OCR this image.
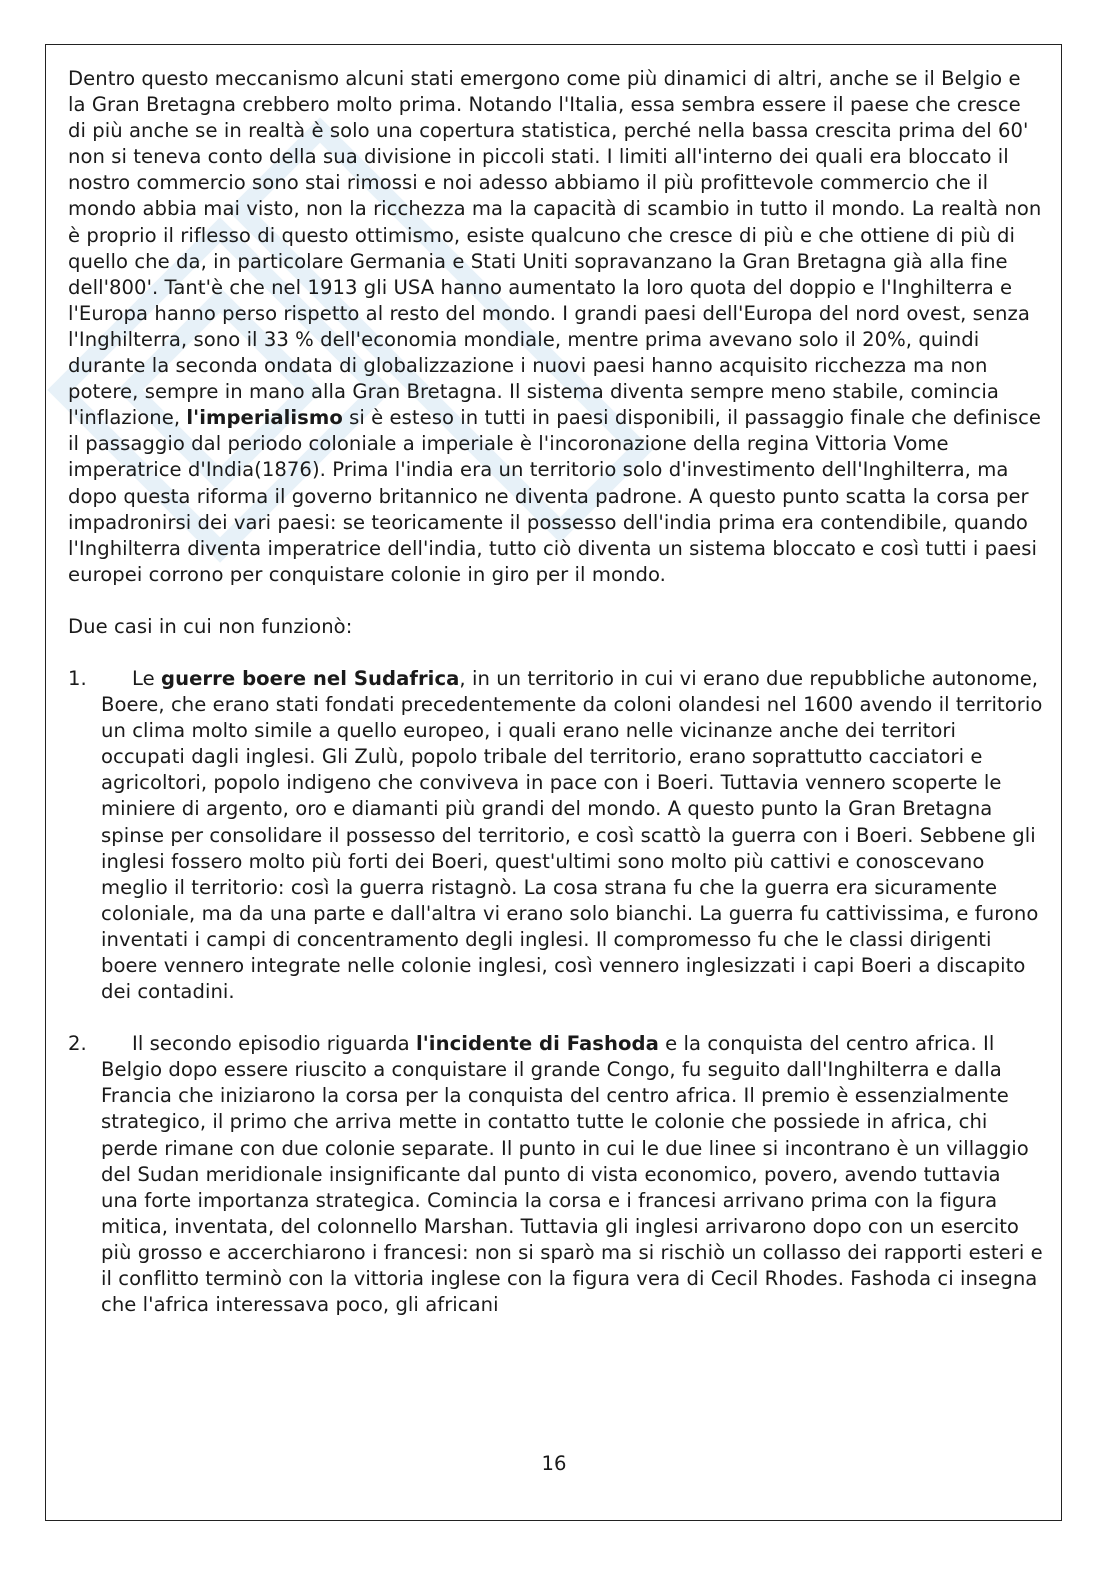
Dentro questo meccanismo alcuni stati emergono come più dinamici di altri, anche se il Belgio e la Gran Bretagna crebbero molto prima. Notando l'Italia, essa sembra essere il paese che cresce di più anche se in realtà è solo una copertura statistica, perché nella bassa crescita prima del 60' non si teneva conto della sua divisione in piccoli stati. I limiti all'interno dei quali era bloccato il nostro commercio sono stai rimossi e noi adesso abbiamo il più profittevole commercio che il mondo abbia mai visto, non la ricchezza ma la capacità di scambio in tutto il mondo. La realtà non è proprio il riflesso di questo ottimismo, esiste qualcuno che cresce di più e che ottiene di più di quello che da, in particolare Germania e Stati Uniti sopravanzano la Gran Bretagna già alla fine dell'800'. Tant'è che nel 1913 gli USA hanno aumentato la loro quota del doppio e l'Inghilterra e l'Europa hanno perso rispetto al resto del mondo. I grandi paesi dell'Europa del nord ovest, senza l'Inghilterra, sono il 33 % dell'economia mondiale, mentre prima avevano solo il 20%, quindi durante la seconda ondata di globalizzazione i nuovi paesi hanno acquisito ricchezza ma non potere, sempre in mano alla Gran Bretagna. Il sistema diventa sempre meno stabile, comincia l'inflazione, l'imperialismo si è esteso in tutti in paesi disponibili, il passaggio finale che definisce il passaggio dal periodo coloniale a imperiale è l'incoronazione della regina Vittoria Vome imperatrice d'India(1876). Prima l'india era un territorio solo d'investimento dell'Inghilterra, ma dopo questa riforma il governo britannico ne diventa padrone. A questo punto scatta la corsa per impadronirsi dei vari paesi: se teoricamente il possesso dell'india prima era contendibile, quando l'Inghilterra diventa imperatrice dell'india, tutto ciò diventa un sistema bloccato e così tutti i paesi europei corrono per conquistare colonie in giro per il mondo.

Due casi in cui non funzionò:

1.	Le guerre boere nel Sudafrica, in un territorio in cui vi erano due repubbliche autonome, Boere, che erano stati fondati precedentemente da coloni olandesi nel 1600 avendo il territorio un clima molto simile a quello europeo, i quali erano nelle vicinanze anche dei territori occupati dagli inglesi. Gli Zulù, popolo tribale del territorio, erano soprattutto cacciatori e agricoltori, popolo indigeno che conviveva in pace con i Boeri. Tuttavia vennero scoperte le miniere di argento, oro e diamanti più grandi del mondo. A questo punto la Gran Bretagna spinse per consolidare il possesso del territorio, e così scattò la guerra con i Boeri. Sebbene gli inglesi fossero molto più forti dei Boeri, quest'ultimi sono molto più cattivi e conoscevano meglio il territorio: così la guerra ristagnò. La cosa strana fu che la guerra era sicuramente coloniale, ma da una parte e dall'altra vi erano solo bianchi. La guerra fu cattivissima, e furono inventati i campi di concentramento degli inglesi. Il compromesso fu che le classi dirigenti boere vennero integrate nelle colonie inglesi, così vennero inglesizzati i capi Boeri a discapito dei contadini.
2.	Il secondo episodio riguarda l'incidente di Fashoda e la conquista del centro africa. Il Belgio dopo essere riuscito a conquistare il grande Congo, fu seguito dall'Inghilterra e dalla Francia che iniziarono la corsa per la conquista del centro africa. Il premio è essenzialmente strategico, il primo che arriva mette in contatto tutte le colonie che possiede in africa, chi perde rimane con due colonie separate. Il punto in cui le due linee si incontrano è un villaggio del Sudan meridionale insignificante dal punto di vista economico, povero, avendo tuttavia una forte importanza strategica. Comincia la corsa e i francesi arrivano prima con la figura mitica, inventata, del colonnello Marshan. Tuttavia gli inglesi arrivarono dopo con un esercito più grosso e accerchiarono i francesi: non si sparò ma si rischiò un collasso dei rapporti esteri e il conflitto terminò con la vittoria inglese con la figura vera di Cecil Rhodes. Fashoda ci insegna che l'africa interessava poco, gli africani
16
